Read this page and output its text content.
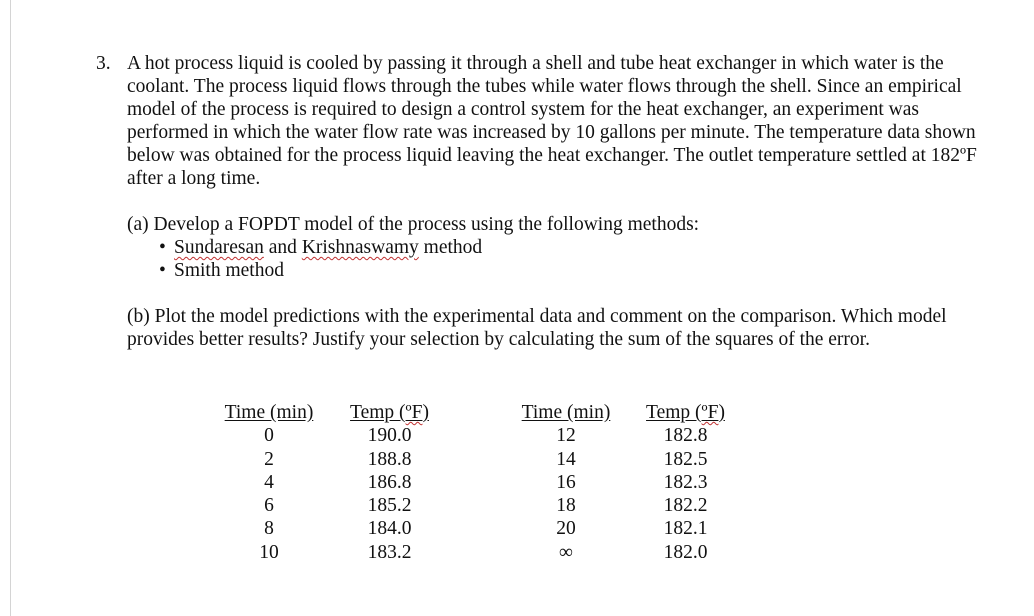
3. A hot process liquid is cooled by passing it through a shell and tube heat exchanger in which water is the coolant. The process liquid flows through the tubes while water flows through the shell. Since an empirical model of the process is required to design a control system for the heat exchanger, an experiment was performed in which the water flow rate was increased by 10 gallons per minute. The temperature data shown below was obtained for the process liquid leaving the heat exchanger. The outlet temperature settled at 182ºF after a long time.
(a) Develop a FOPDT model of the process using the following methods:
• Sundaresan and Krishnaswamy method
• Smith method
(b) Plot the model predictions with the experimental data and comment on the comparison. Which model provides better results? Justify your selection by calculating the sum of the squares of the error.
Time (min)
0
2
4
6
8
10
Temp (ºF)
190.0
188.8
186.8
185.2
184.0
183.2
Time (min)
12
14
16
18
20
∞
Temp (ºF)
182.8
182.5
182.3
182.2
182.1
182.0
